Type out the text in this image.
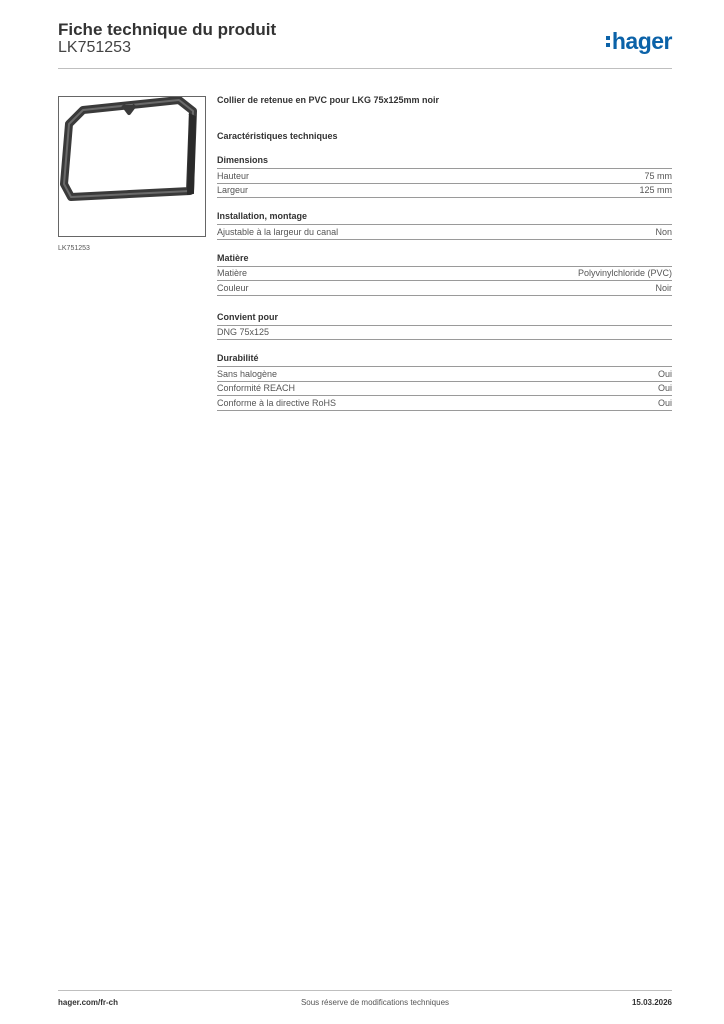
Fiche technique du produit
LK751253	hager
LK751253
Collier de retenue en PVC pour LKG 75x125mm noir
Caractéristiques techniques
Dimensions
Hauteur	75 mm
Largeur	125 mm
Installation, montage
Ajustable à la largeur du canal	Non
Matière
Matière	Polyvinylchloride (PVC)
Couleur	Noir
Convient pour
DNG 75x125
Durabilité
Sans halogène	Oui
Conformité REACH	Oui
Conforme à la directive RoHS	Oui
hager.com/fr-ch	Sous réserve de modifications techniques	15.03.2026
